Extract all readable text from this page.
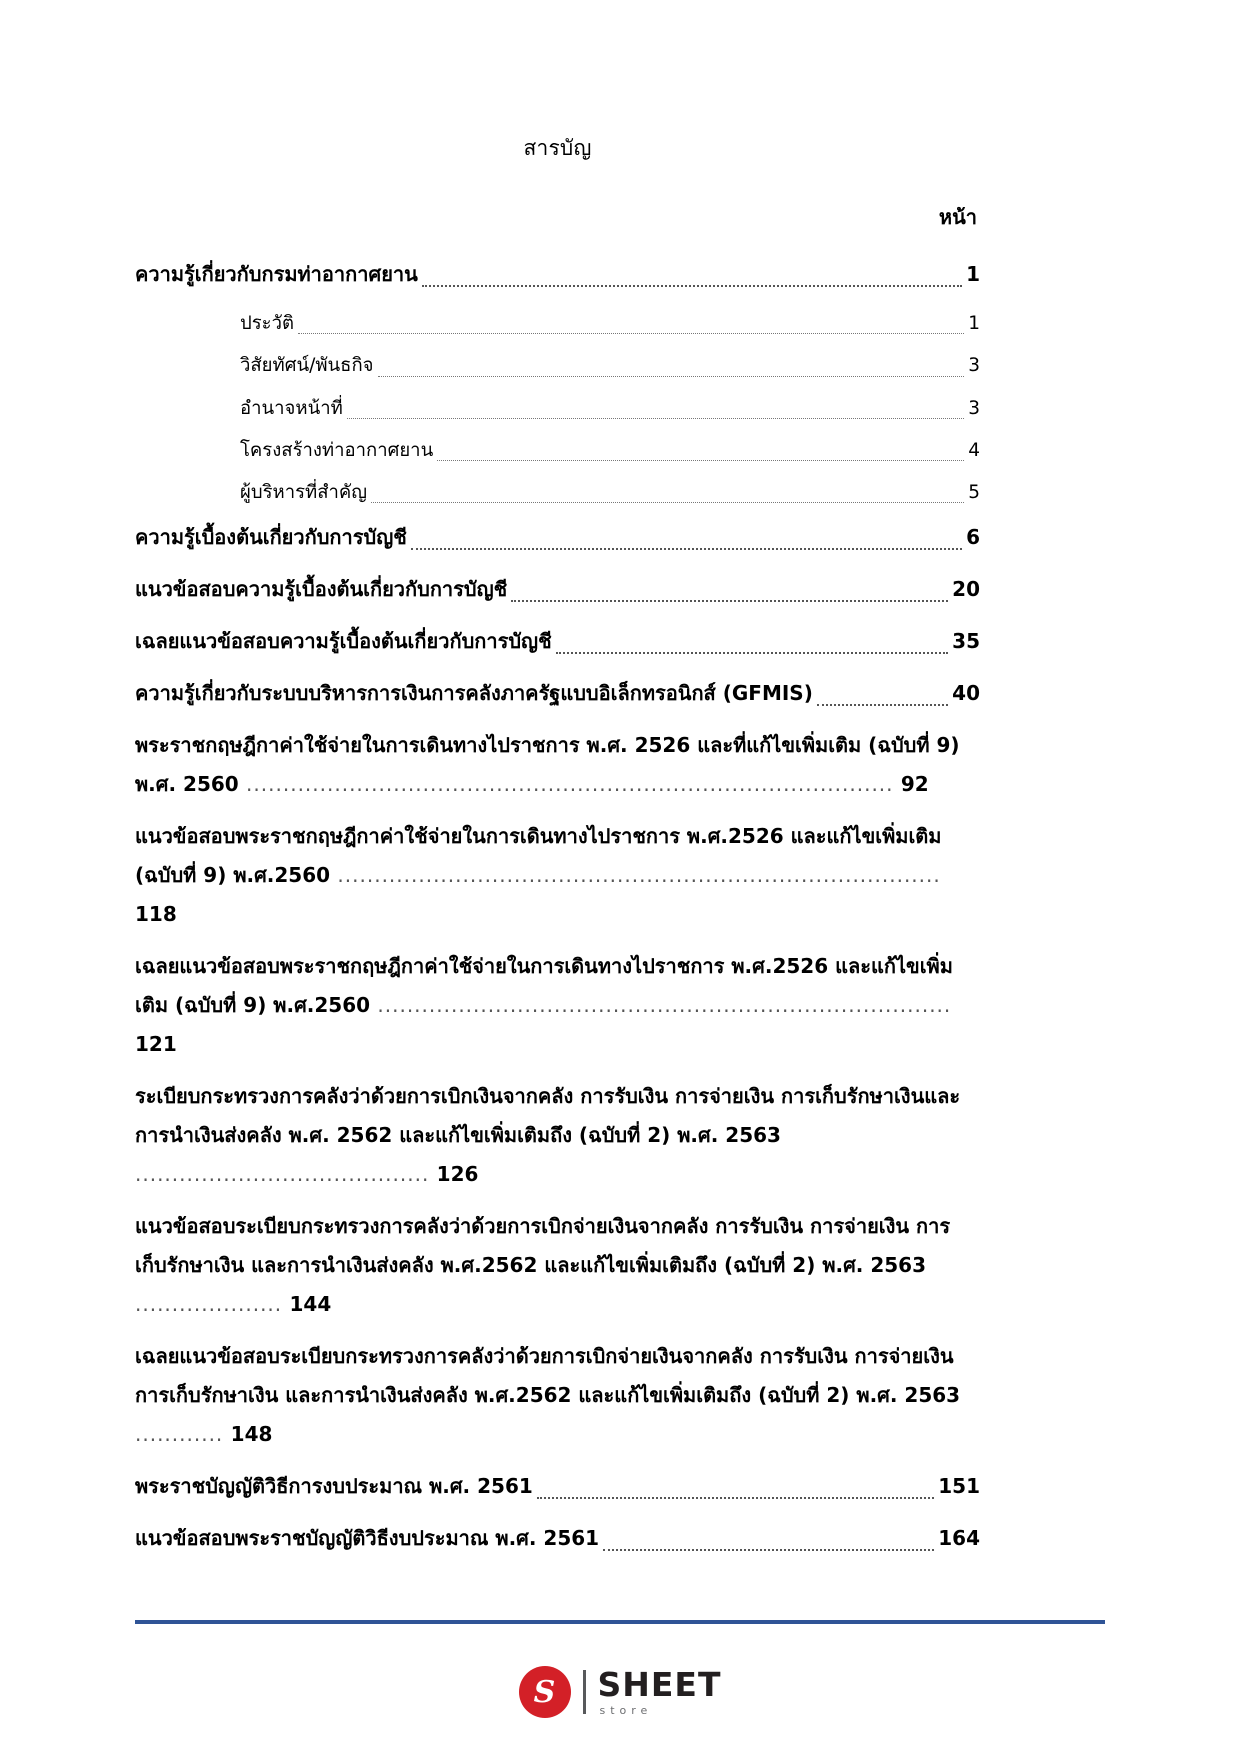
สารบัญ
หน้า
ความรู้เกี่ยวกับกรมท่าอากาศยาน	1
ประวัติ	1
วิสัยทัศน์/พันธกิจ	3
อำนาจหน้าที่	3
โครงสร้างท่าอากาศยาน	4
ผู้บริหารที่สำคัญ	5
ความรู้เบื้องต้นเกี่ยวกับการบัญชี	6
แนวข้อสอบความรู้เบื้องต้นเกี่ยวกับการบัญชี	20
เฉลยแนวข้อสอบความรู้เบื้องต้นเกี่ยวกับการบัญชี	35
ความรู้เกี่ยวกับระบบบริหารการเงินการคลังภาครัฐแบบอิเล็กทรอนิกส์ (GFMIS)	40
พระราชกฤษฎีกาค่าใช้จ่ายในการเดินทางไปราชการ พ.ศ. 2526 และที่แก้ไขเพิ่มเติม (ฉบับที่ 9) พ.ศ. 2560 ........................................................................................ 92
แนวข้อสอบพระราชกฤษฎีกาค่าใช้จ่ายในการเดินทางไปราชการ พ.ศ.2526 และแก้ไขเพิ่มเติม (ฉบับที่ 9) พ.ศ.2560 .................................................................................. 118
เฉลยแนวข้อสอบพระราชกฤษฎีกาค่าใช้จ่ายในการเดินทางไปราชการ พ.ศ.2526 และแก้ไขเพิ่มเติม (ฉบับที่ 9) พ.ศ.2560 .............................................................................. 121
ระเบียบกระทรวงการคลังว่าด้วยการเบิกเงินจากคลัง การรับเงิน การจ่ายเงิน การเก็บรักษาเงินและการนำเงินส่งคลัง พ.ศ. 2562 และแก้ไขเพิ่มเติมถึง (ฉบับที่ 2) พ.ศ. 2563 ........................................ 126
แนวข้อสอบระเบียบกระทรวงการคลังว่าด้วยการเบิกจ่ายเงินจากคลัง การรับเงิน การจ่ายเงิน การเก็บรักษาเงิน และการนำเงินส่งคลัง พ.ศ.2562 และแก้ไขเพิ่มเติมถึง (ฉบับที่ 2) พ.ศ. 2563 .................... 144
เฉลยแนวข้อสอบระเบียบกระทรวงการคลังว่าด้วยการเบิกจ่ายเงินจากคลัง การรับเงิน การจ่ายเงิน การเก็บรักษาเงิน และการนำเงินส่งคลัง พ.ศ.2562 และแก้ไขเพิ่มเติมถึง (ฉบับที่ 2) พ.ศ. 2563 ............ 148
พระราชบัญญัติวิธีการงบประมาณ พ.ศ. 2561	151
แนวข้อสอบพระราชบัญญัติวิธีงบประมาณ พ.ศ. 2561	164
S	SHEET
store
